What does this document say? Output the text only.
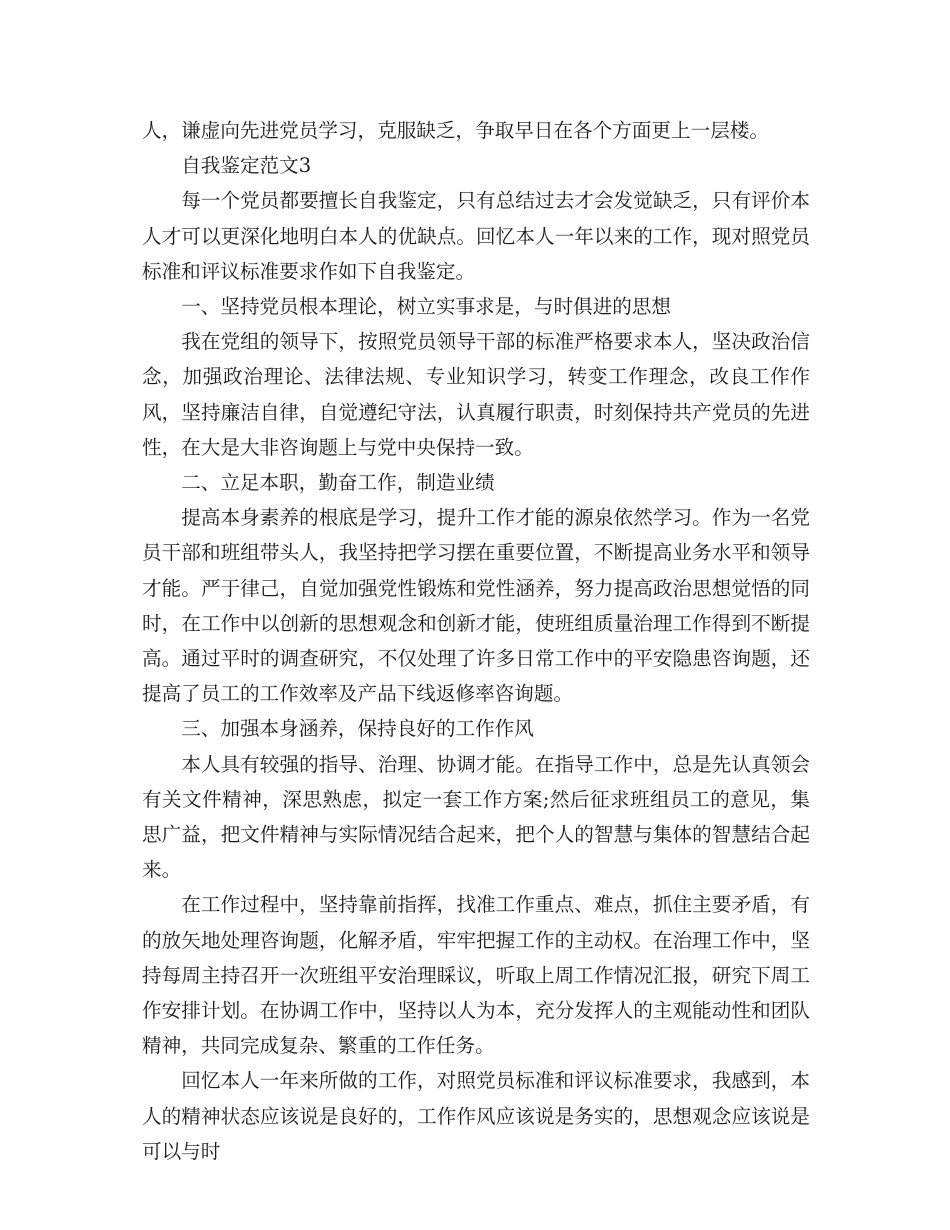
人，谦虚向先进党员学习，克服缺乏，争取早日在各个方面更上一层楼。

自我鉴定范文3

每一个党员都要擅长自我鉴定，只有总结过去才会发觉缺乏，只有评价本人才可以更深化地明白本人的优缺点。回忆本人一年以来的工作，现对照党员标准和评议标准要求作如下自我鉴定。

一、坚持党员根本理论，树立实事求是，与时俱进的思想

我在党组的领导下，按照党员领导干部的标准严格要求本人，坚决政治信念，加强政治理论、法律法规、专业知识学习，转变工作理念，改良工作作风，坚持廉洁自律，自觉遵纪守法，认真履行职责，时刻保持共产党员的先进性，在大是大非咨询题上与党中央保持一致。

二、立足本职，勤奋工作，制造业绩

提高本身素养的根底是学习，提升工作才能的源泉依然学习。作为一名党员干部和班组带头人，我坚持把学习摆在重要位置，不断提高业务水平和领导才能。严于律己，自觉加强党性锻炼和党性涵养，努力提高政治思想觉悟的同时，在工作中以创新的思想观念和创新才能，使班组质量治理工作得到不断提高。通过平时的调查研究，不仅处理了许多日常工作中的平安隐患咨询题，还提高了员工的工作效率及产品下线返修率咨询题。

三、加强本身涵养，保持良好的工作作风

本人具有较强的指导、治理、协调才能。在指导工作中，总是先认真领会有关文件精神，深思熟虑，拟定一套工作方案;然后征求班组员工的意见，集思广益，把文件精神与实际情况结合起来，把个人的智慧与集体的智慧结合起来。

在工作过程中，坚持靠前指挥，找准工作重点、难点，抓住主要矛盾，有的放矢地处理咨询题，化解矛盾，牢牢把握工作的主动权。在治理工作中，坚持每周主持召开一次班组平安治理睬议，听取上周工作情况汇报，研究下周工作安排计划。在协调工作中，坚持以人为本，充分发挥人的主观能动性和团队精神，共同完成复杂、繁重的工作任务。

回忆本人一年来所做的工作，对照党员标准和评议标准要求，我感到，本人的精神状态应该说是良好的，工作作风应该说是务实的，思想观念应该说是可以与时
